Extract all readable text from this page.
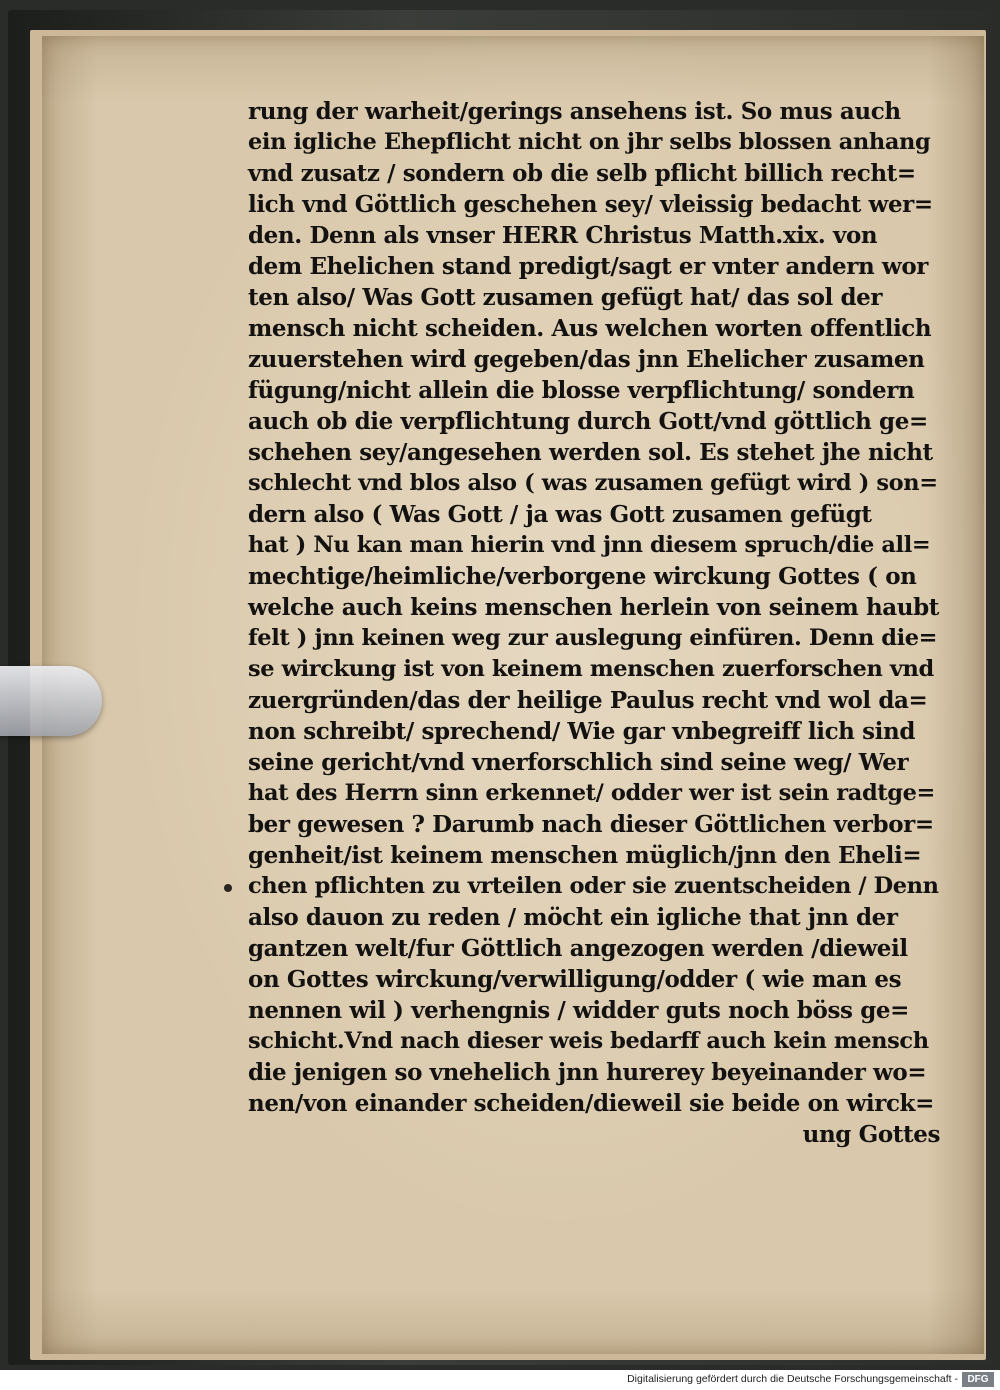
rung der warheit/gerings ansehens ist. So mus auch
ein igliche Ehepflicht nicht on jhr selbs blossen anhang
vnd zusatz / sondern ob die selb pflicht billich recht=
lich vnd Göttlich geschehen sey/ vleissig bedacht wer=
den. Denn als vnser HERR Christus Matth.xix. von
dem Ehelichen stand predigt/sagt er vnter andern wor
ten also/ Was Gott zusamen gefügt hat/ das sol der
mensch nicht scheiden. Aus welchen worten offentlich
zuuerstehen wird gegeben/das jnn Ehelicher zusamen
fügung/nicht allein die blosse verpflichtung/ sondern
auch ob die verpflichtung durch Gott/vnd göttlich ge=
schehen sey/angesehen werden sol. Es stehet jhe nicht
schlecht vnd blos also ( was zusamen gefügt wird ) son=
dern also ( Was Gott / ja was Gott zusamen gefügt
hat ) Nu kan man hierin vnd jnn diesem spruch/die all=
mechtige/heimliche/verborgene wirckung Gottes ( on
welche auch keins menschen herlein von seinem haubt
felt ) jnn keinen weg zur auslegung einfüren. Denn die=
se wirckung ist von keinem menschen zuerforschen vnd
zuergründen/das der heilige Paulus recht vnd wol da=
non schreibt/ sprechend/ Wie gar vnbegreiff lich sind
seine gericht/vnd vnerforschlich sind seine weg/ Wer
hat des Herrn sinn erkennet/ odder wer ist sein radtge=
ber gewesen ? Darumb nach dieser Göttlichen verbor=
genheit/ist keinem menschen müglich/jnn den Eheli=
chen pflichten zu vrteilen oder sie zuentscheiden / Denn
also dauon zu reden / möcht ein igliche that jnn der
gantzen welt/fur Göttlich angezogen werden /dieweil
on Gottes wirckung/verwilligung/odder ( wie man es
nennen wil ) verhengnis / widder guts noch böss ge=
schicht.Vnd nach dieser weis bedarff auch kein mensch
die jenigen so vnehelich jnn hurerey beyeinander wo=
nen/von einander scheiden/dieweil sie beide on wirck=
ung Gottes
Digitalisierung gefördert durch die Deutsche Forschungsgemeinschaft - DFG
